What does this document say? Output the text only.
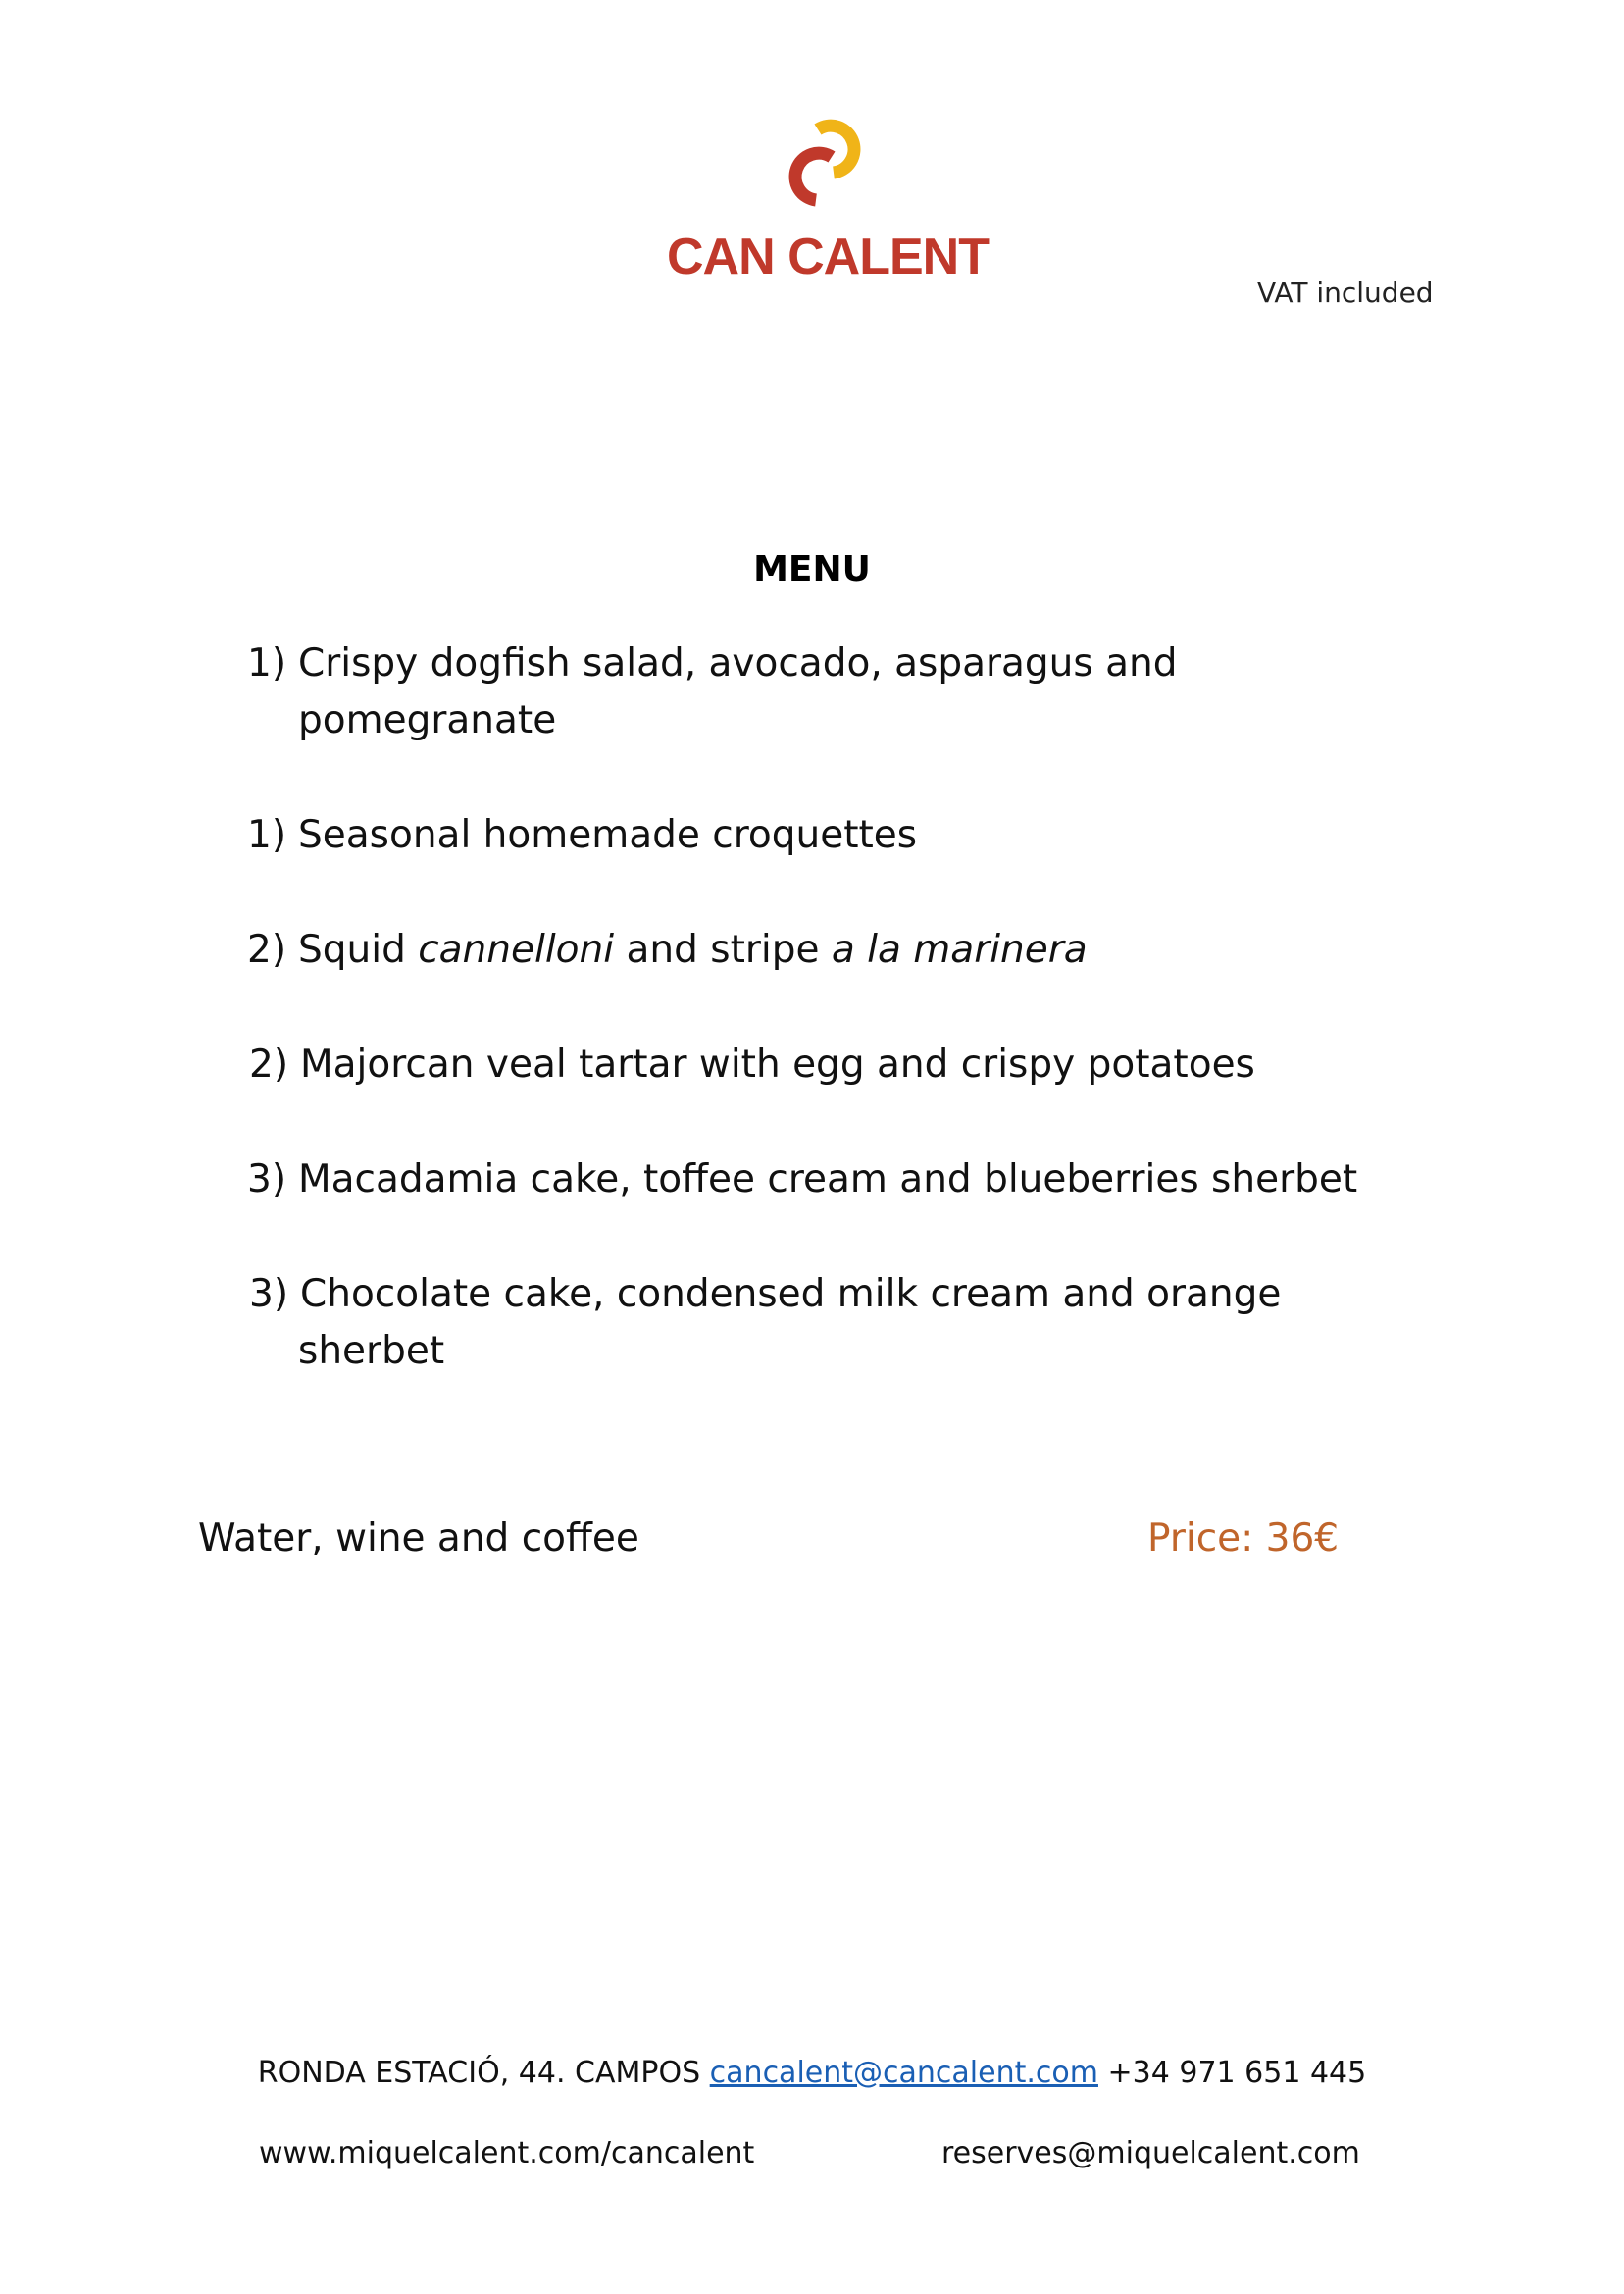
CAN CALENT
VAT included
MENU
1) Crispy dogfish salad, avocado, asparagus and
pomegranate
1) Seasonal homemade croquettes
2) Squid cannelloni and stripe a la marinera
2) Majorcan veal tartar with egg and crispy potatoes
3) Macadamia cake, toffee cream and blueberries sherbet
3) Chocolate cake, condensed milk cream and orange
sherbet
Water, wine and coffee	Price: 36€
RONDA ESTACIÓ, 44. CAMPOS cancalent@cancalent.com +34 971 651 445
www.miquelcalent.com/cancalent	reserves@miquelcalent.com
